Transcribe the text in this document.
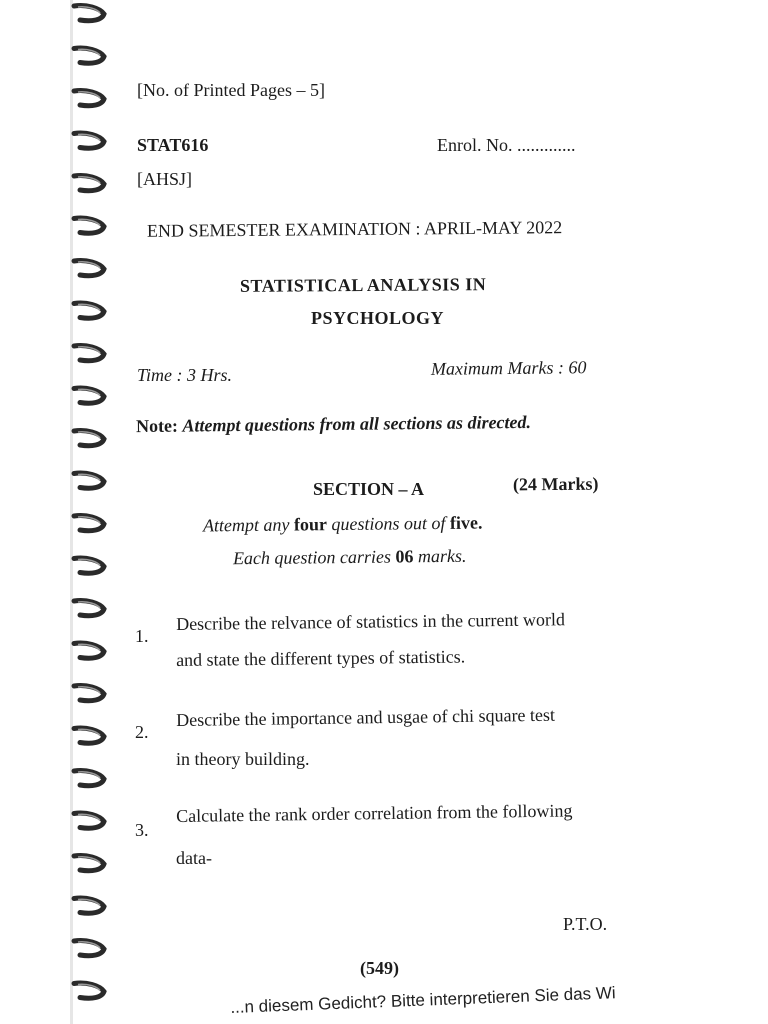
[No. of Printed Pages – 5]
STAT616	Enrol. No. .............
[AHSJ]
END SEMESTER EXAMINATION : APRIL-MAY 2022
STATISTICAL ANALYSIS IN
PSYCHOLOGY
Time : 3 Hrs.	Maximum Marks : 60
Note: Attempt questions from all sections as directed.
SECTION – A	(24 Marks)
Attempt any four questions out of five.
Each question carries 06 marks.
1.
Describe the relvance of statistics in the current world
and state the different types of statistics.
2.
Describe the importance and usgae of chi square test
in theory building.
3.
Calculate the rank order correlation from the following
data-
P.T.O.
(549)
...n diesem Gedicht? Bitte interpretieren Sie das Wi
